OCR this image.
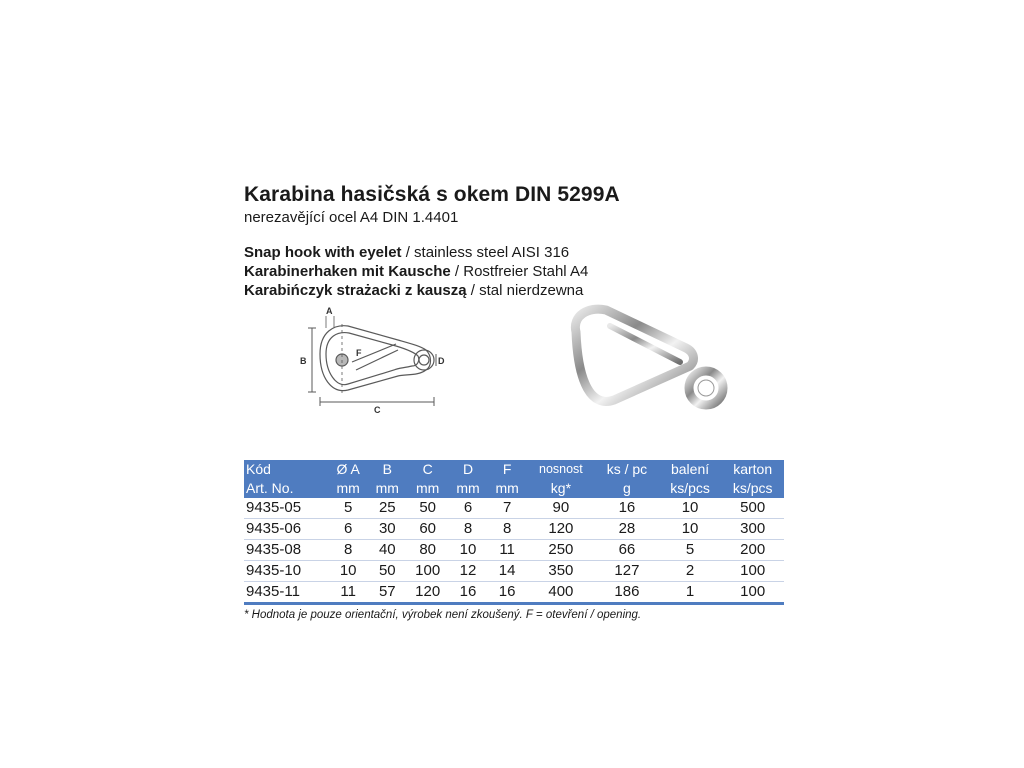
Karabina hasičská s okem DIN 5299A

nerezavějící ocel A4 DIN 1.4401

Snap hook with eyelet / stainless steel AISI 316
Karabinerhaken mit Kausche / Rostfreier Stahl A4
Karabińczyk strażacki z kauszą / stal nierdzewna
A
B
C
D
F
Kód	Ø A	B	C	D	F	nosnost	ks / pc	balení	karton
Art. No.	mm	mm	mm	mm	mm	kg*	g	ks/pcs	ks/pcs
9435-05	5	25	50	6	7	90	16	10	500
9435-06	6	30	60	8	8	120	28	10	300
9435-08	8	40	80	10	11	250	66	5	200
9435-10	10	50	100	12	14	350	127	2	100
9435-11	11	57	120	16	16	400	186	1	100
* Hodnota je pouze orientační, výrobek není zkoušený. F = otevření / opening.
